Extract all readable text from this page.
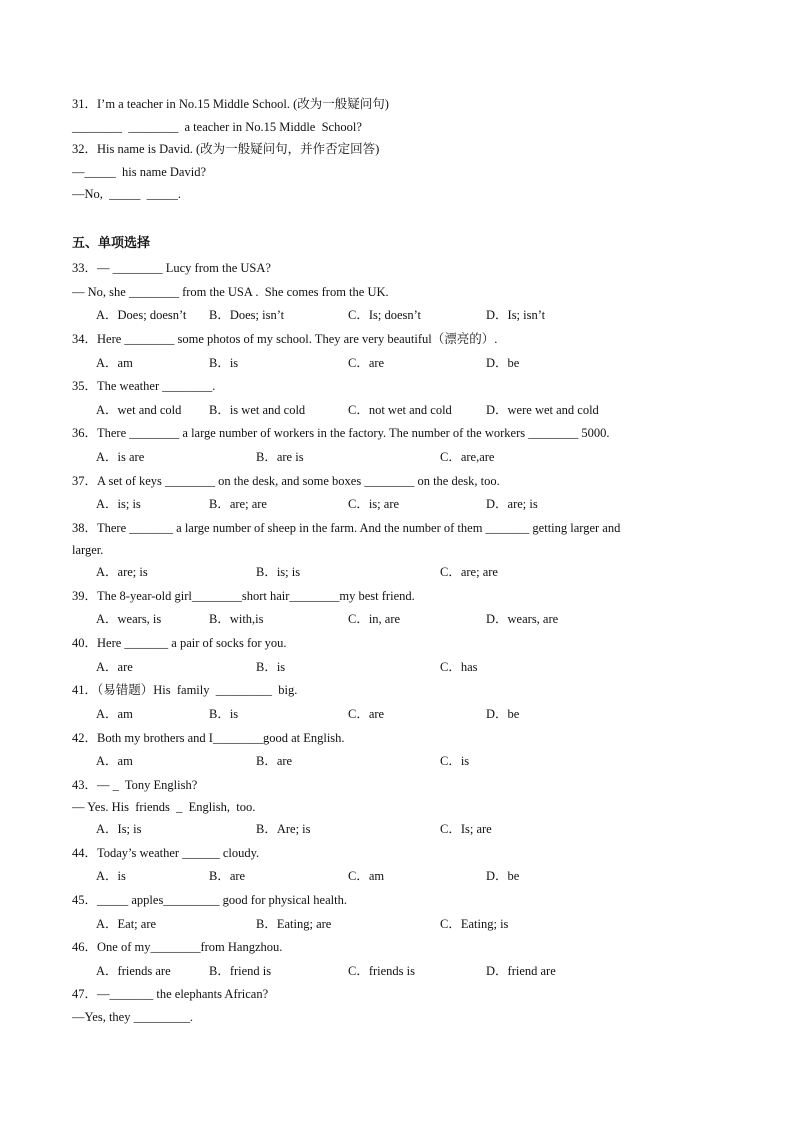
31．I’m a teacher in No.15 Middle School. (改为一般疑问句)
________  ________  a teacher in No.15 Middle  School?
32．His name is David. (改为一般疑问句，并作否定回答)
—_____  his name David?
—No,  _____  _____.
五、单项选择
33．— ________ Lucy from the USA?
— No, she ________ from the USA .  She comes from the UK.
A．Does; doesn’t B．Does; isn’t	C．Is; doesn’t	D．Is; isn’t
34．Here ________ some photos of my school. They are very beautiful（漂亮的）.
A．am	B．is	C．are	D．be
35．The weather ________.
A．wet and cold B．is wet and cold	C．not wet and cold	D．were wet and cold
36．There ________ a large number of workers in the factory. The number of the workers ________ 5000.
A．is are	B．are is	C．are,are
37．A set of keys ________ on the desk, and some boxes ________ on the desk, too.
A．is; is	B．are; are	C．is; are	D．are; is
38．There _______ a large number of sheep in the farm. And the number of them _______ getting larger and
larger.
A．are; is	B．is; is	C．are; are
39．The 8-year-old girl________short hair________my best friend.
A．wears, is	B．with,is	C．in, are	D．wears, are
40．Here _______ a pair of socks for you.
A．are	B．is	C．has
41．（易错题）His  family  _________  big.
A．am	B．is	C．are	D．be
42．Both my brothers and I________good at English.
A．am	B．are	C．is
43．— _  Tony English?
— Yes. His  friends  _  English,  too.
A．Is; is	B．Are; is	C．Is; are
44．Today’s weather ______ cloudy.
A．is	B．are	C．am	D．be
45．_____ apples_________ good for physical health.
A．Eat; are	B．Eating; are	C．Eating; is
46．One of my________from Hangzhou.
A．friends are	B．friend is	C．friends is	D．friend are
47．—_______ the elephants African?
—Yes, they _________.
